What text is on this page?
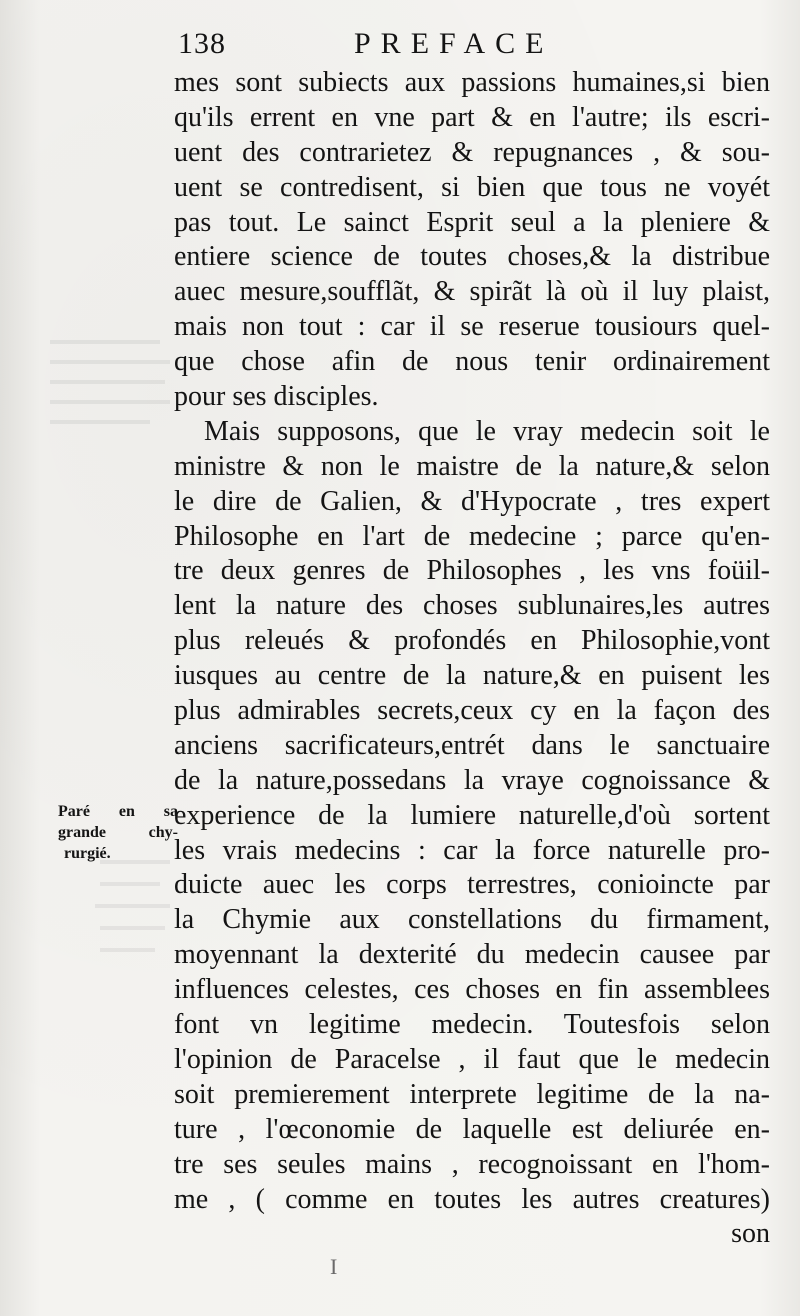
138	PREFACE
mes sont subiects aux passions humaines,si bien
qu'ils errent en vne part & en l'autre; ils escri-
uent des contrarietez & repugnances , & sou-
uent se contredisent, si bien que tous ne voyét
pas tout. Le sainct Esprit seul a la pleniere &
entiere science de toutes choses,& la distribue
auec mesure,soufflãt, & spirãt là où il luy plaist,
mais non tout : car il se reserue tousiours quel-
que chose afin de nous tenir ordinairement
pour ses disciples.
Mais supposons, que le vray medecin soit le
ministre & non le maistre de la nature,& selon
le dire de Galien, & d'Hypocrate , tres expert
Philosophe en l'art de medecine ; parce qu'en-
tre deux genres de Philosophes , les vns foüil-
lent la nature des choses sublunaires,les autres
plus releués & profondés en Philosophie,vont
iusques au centre de la nature,& en puisent les
plus admirables secrets,ceux cy en la façon des
anciens sacrificateurs,entrét dans le sanctuaire
de la nature,possedans la vraye cognoissance &
experience de la lumiere naturelle,d'où sortent
les vrais medecins : car la force naturelle pro-
duicte auec les corps terrestres, conioincte par
la Chymie aux constellations du firmament,
moyennant la dexterité du medecin causee par
influences celestes, ces choses en fin assemblees
font vn legitime medecin. Toutesfois selon
l'opinion de Paracelse , il faut que le medecin
soit premierement interprete legitime de la na-
ture , l'œconomie de laquelle est deliurée en-
tre ses seules mains , recognoissant en l'hom-
me , ( comme en toutes les autres creatures)
son
Paré en sa
grande chy-
rurgié.
I
